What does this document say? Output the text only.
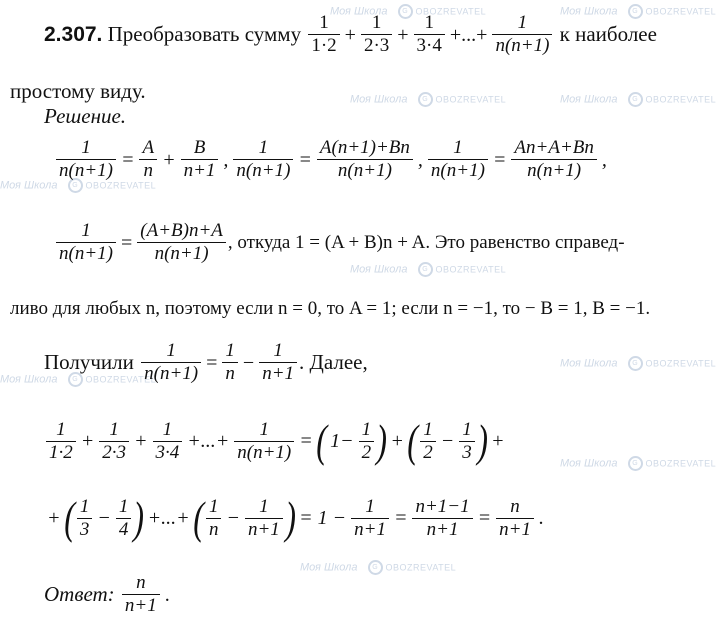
Моя Школа G OBOZREVATEL	Моя Школа G OBOZREVATEL
Моя Школа G OBOZREVATEL	Моя Школа G OBOZREVATEL
Моя Школа G OBOZREVATEL
Моя Школа G OBOZREVATEL
Моя Школа G OBOZREVATEL
Моя Школа G OBOZREVATEL
Моя Школа G OBOZREVATEL
Моя Школа G OBOZREVATEL
2.307. Преобразовать сумму $\frac{1}{1\cdot 2} + \frac{1}{2\cdot 3} + \frac{1}{3\cdot 4}$ +...+ $\frac{1}{n(n+1)}$ к наиболее
простому виду.
Решение.
$\frac{1}{n(n+1)} = \frac{A}{n} + \frac{B}{n+1}$ , $\frac{1}{n(n+1)} = \frac{A(n+1)+Bn}{n(n+1)}$ , $\frac{1}{n(n+1)} = \frac{An+A+Bn}{n(n+1)}$ ,
$\frac{1}{n(n+1)} = \frac{(A+B)n+A}{n(n+1)}$ , откуда 1 = (A + B)n + A. Это равенство справед-
ливо для любых n, поэтому если n = 0, то A = 1; если n = −1, то − B = 1, B = −1.
Получили $\frac{1}{n(n+1)} = \frac{1}{n} - \frac{1}{n+1}$ . Далее,
$\frac{1}{1\cdot 2} + \frac{1}{2\cdot 3} + \frac{1}{3\cdot 4}$ +...+ $\frac{1}{n(n+1)}$ =( $1- \frac{1}{2}$ ) +( $\frac{1}{2} - \frac{1}{3}$ ) +
+( $\frac{1}{3} - \frac{1}{4}$ ) +...+( $\frac{1}{n} - \frac{1}{n+1}$ ) = $1 - \frac{1}{n+1} = \frac{n+1-1}{n+1} = \frac{n}{n+1}$ .
Ответ: $\frac{n}{n+1}$ .
